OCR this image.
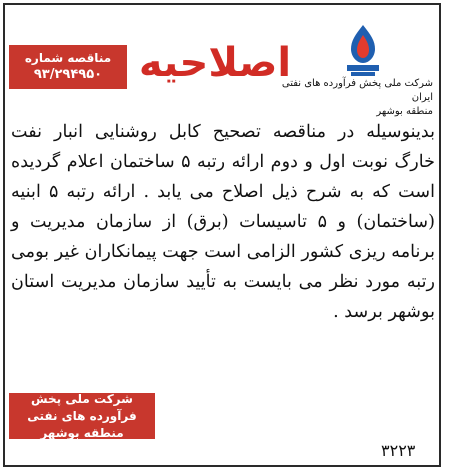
مناقصه شماره
۹۳/۲۹۴۹۵۰ اصلاحیه
شرکت ملی پخش فرآورده های نفتی ایران
منطقه بوشهر
بدینوسیله در مناقصه تصحیح کابل روشنایی انبار نفت خارگ نوبت اول و دوم ارائه رتبه ۵ ساختمان اعلام گردیده است که به شرح ذیل اصلاح می یابد . ارائه رتبه ۵ ابنیه (ساختمان) و ۵ تاسیسات (برق) از سازمان مدیریت و برنامه ریزی کشور الزامی است جهت پیمانکاران غیر بومی رتبه مورد نظر می بایست به تأیید سازمان مدیریت استان بوشهر برسد .
شرکت ملی پخش فرآورده های نفتی
منطقه بوشهر
۳۲۲۳
